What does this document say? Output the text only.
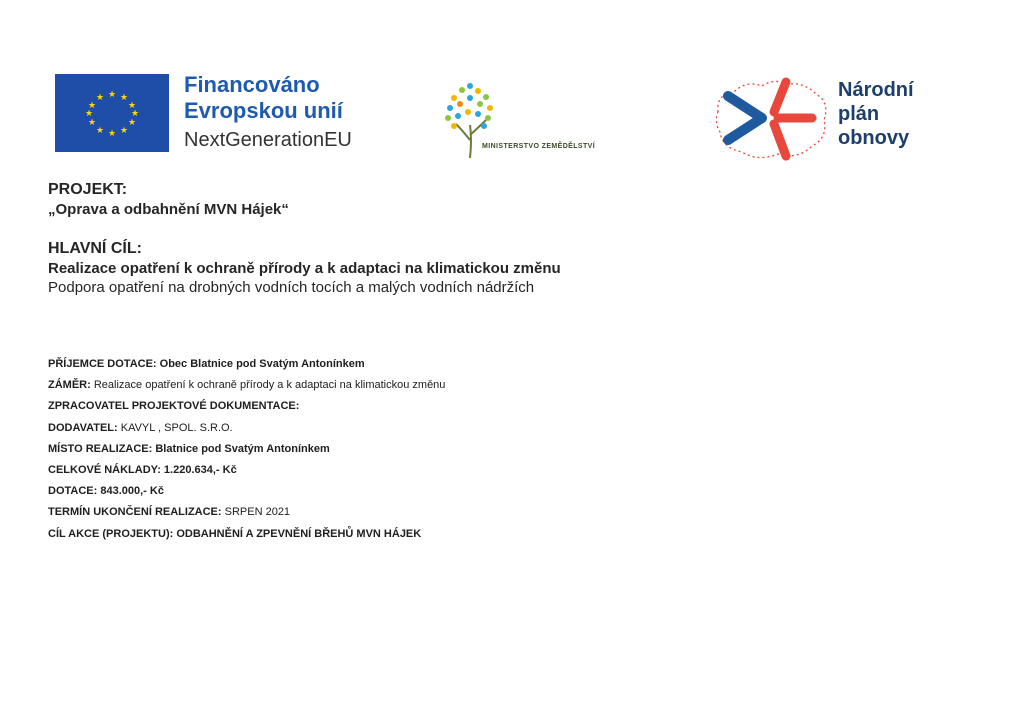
★ ★
★
★
★
★
★
★
★
★
★
★
Financováno
Evropskou unií
NextGenerationEU	MINISTERSTVO ZEMĚDĚLSTVÍ
Národní
plán
obnovy
PROJEKT:
„Oprava a odbahnění MVN Hájek“
HLAVNÍ CÍL:
Realizace opatření k ochraně přírody a k adaptaci na klimatickou změnu
Podpora opatření na drobných vodních tocích a malých vodních nádržích
PŘÍJEMCE DOTACE: Obec Blatnice pod Svatým Antonínkem
ZÁMĚR: Realizace opatření k ochraně přírody a k adaptaci na klimatickou změnu
ZPRACOVATEL PROJEKTOVÉ DOKUMENTACE:
DODAVATEL: KAVYL , SPOL. S.R.O.
MÍSTO REALIZACE: Blatnice pod Svatým Antonínkem
CELKOVÉ NÁKLADY: 1.220.634,- Kč
DOTACE: 843.000,- Kč
TERMÍN UKONČENÍ REALIZACE: SRPEN 2021
CÍL AKCE (PROJEKTU): ODBAHNĚNÍ A ZPEVNĚNÍ BŘEHŮ MVN HÁJEK
